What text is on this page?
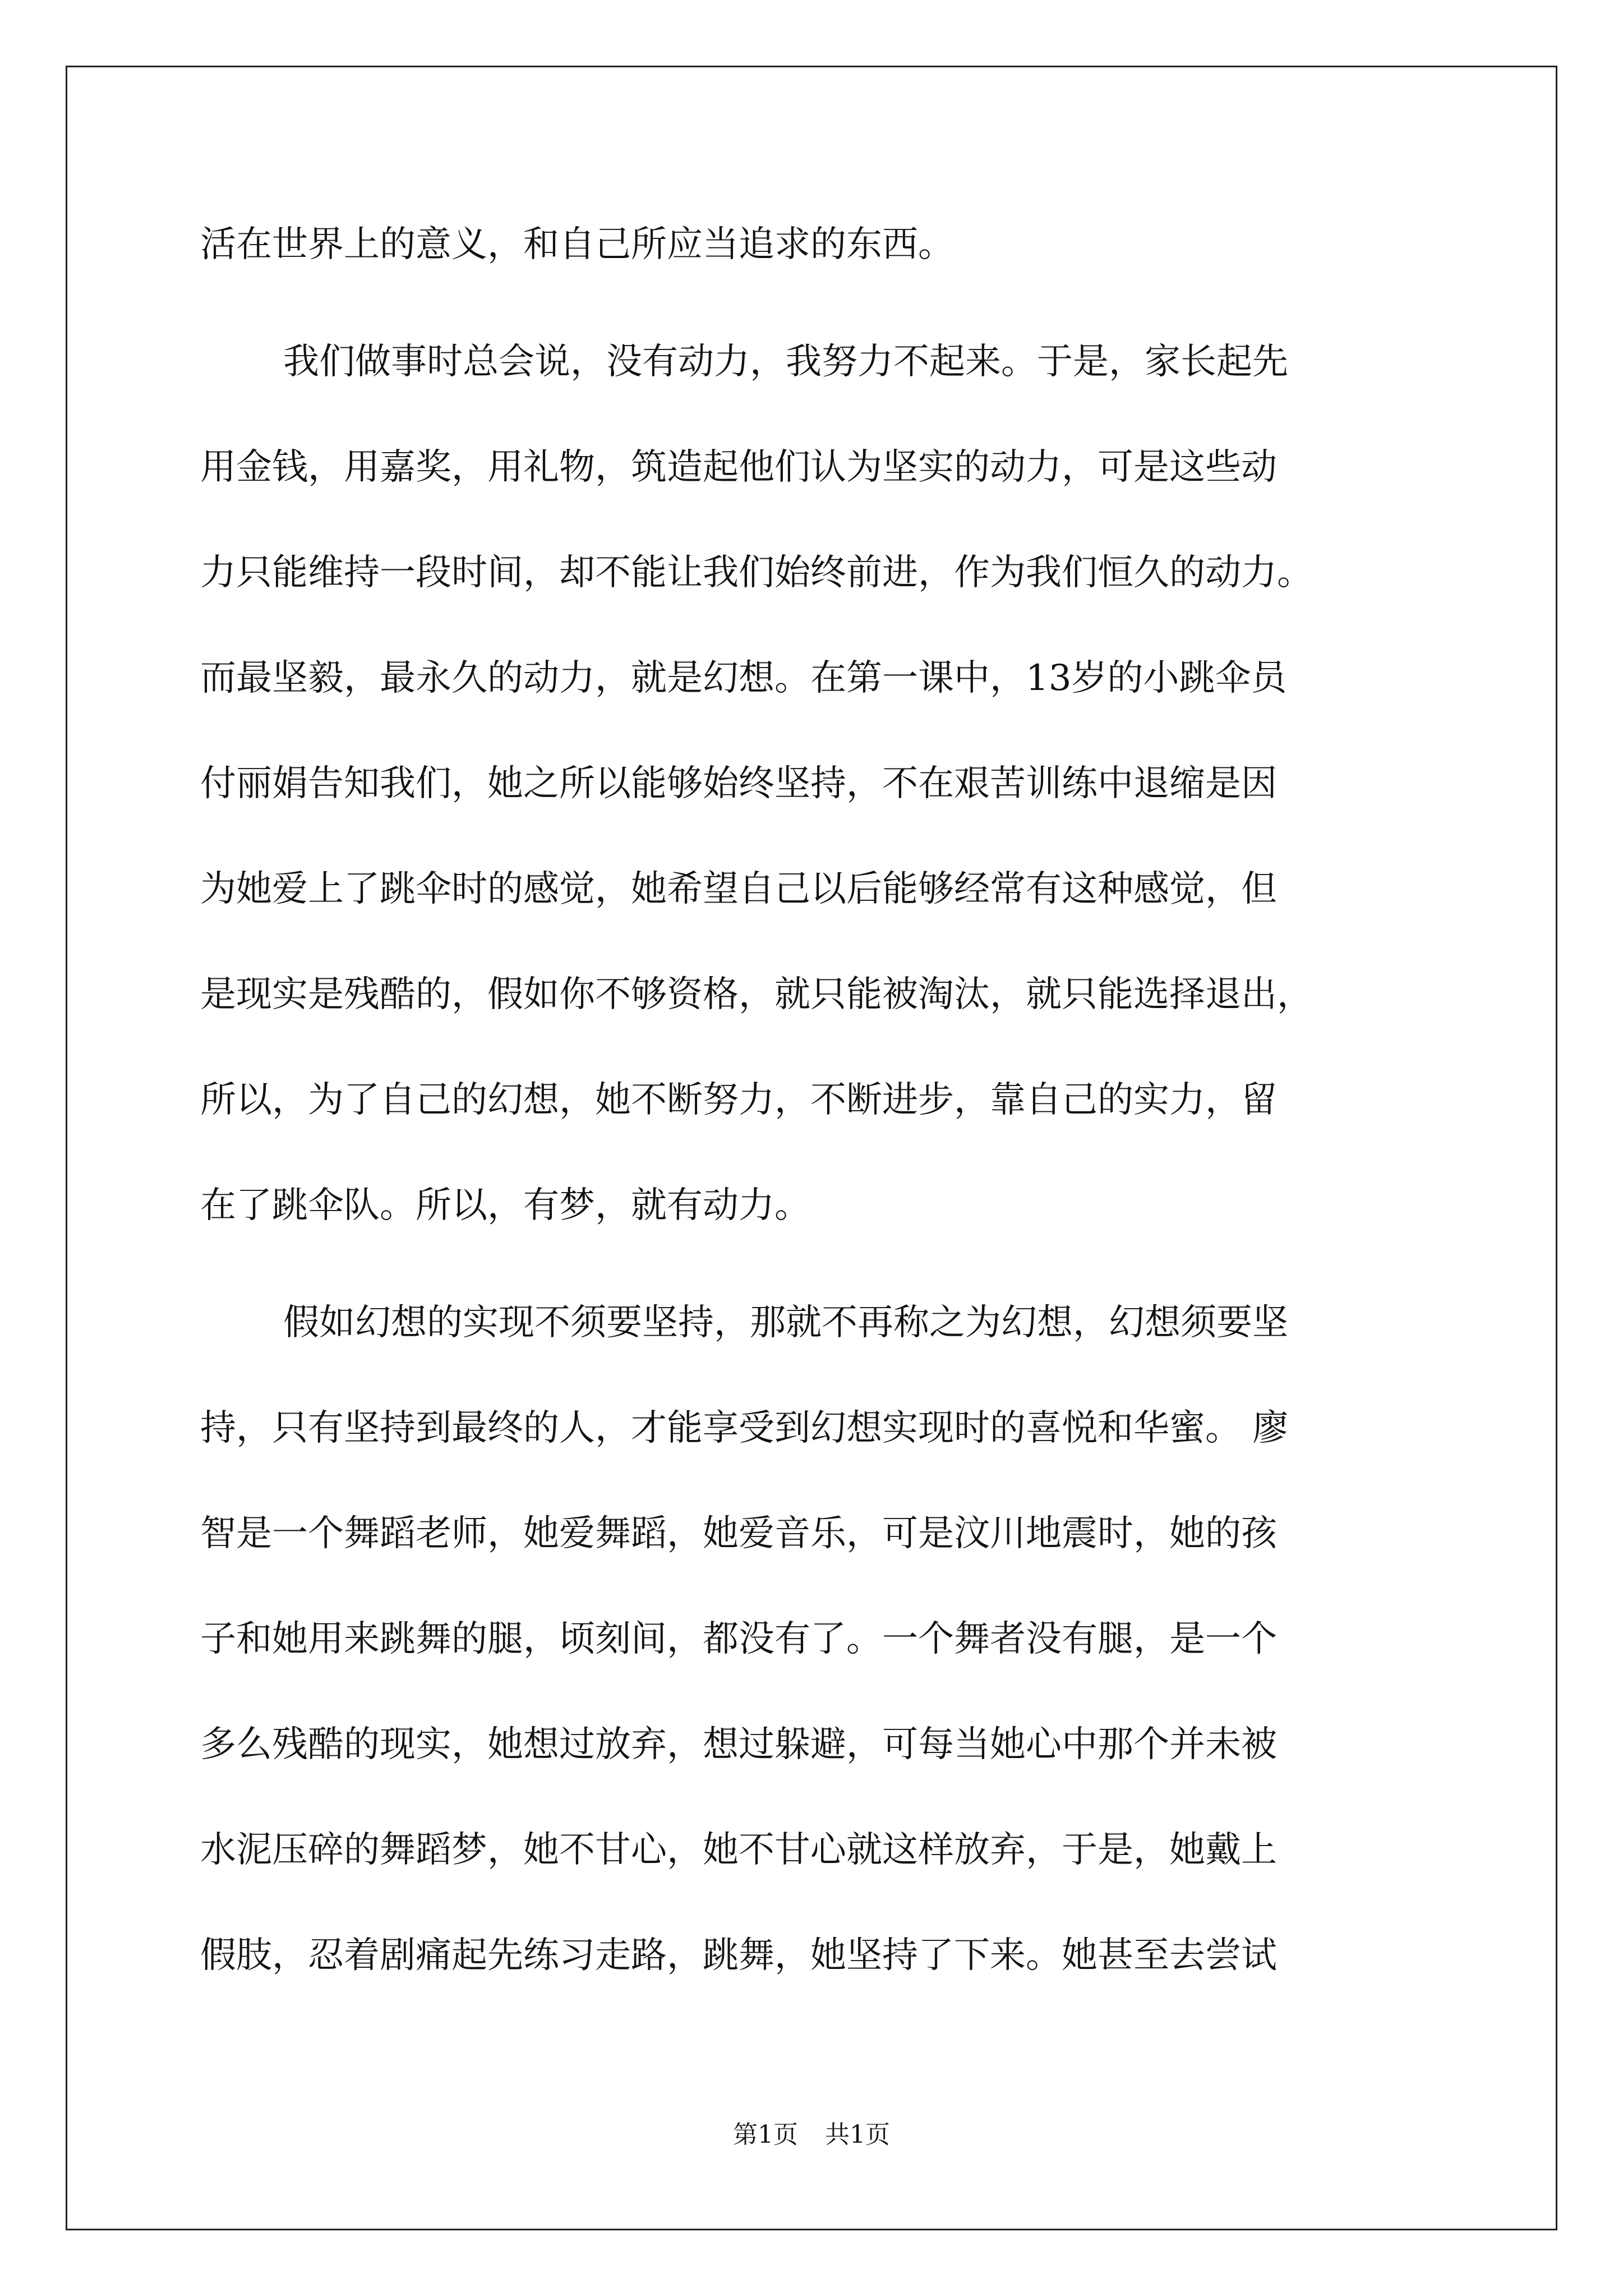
活在世界上的意义，和自己所应当追求的东西。
我们做事时总会说，没有动力，我努力不起来。于是，家长起先
用金钱，用嘉奖，用礼物，筑造起他们认为坚实的动力，可是这些动
力只能维持一段时间，却不能让我们始终前进，作为我们恒久的动力。
而最坚毅，最永久的动力，就是幻想。在第一课中，13岁的小跳伞员
付丽娟告知我们，她之所以能够始终坚持，不在艰苦训练中退缩是因
为她爱上了跳伞时的感觉，她希望自己以后能够经常有这种感觉，但
是现实是残酷的，假如你不够资格，就只能被淘汰，就只能选择退出，
所以，为了自己的幻想，她不断努力，不断进步，靠自己的实力，留
在了跳伞队。所以，有梦，就有动力。
假如幻想的实现不须要坚持，那就不再称之为幻想，幻想须要坚
持，只有坚持到最终的人，才能享受到幻想实现时的喜悦和华蜜。 廖
智是一个舞蹈老师，她爱舞蹈，她爱音乐，可是汶川地震时，她的孩
子和她用来跳舞的腿，顷刻间，都没有了。一个舞者没有腿，是一个
多么残酷的现实，她想过放弃，想过躲避，可每当她心中那个并未被
水泥压碎的舞蹈梦，她不甘心，她不甘心就这样放弃，于是，她戴上
假肢，忍着剧痛起先练习走路，跳舞，她坚持了下来。她甚至去尝试
第1页 共1页
